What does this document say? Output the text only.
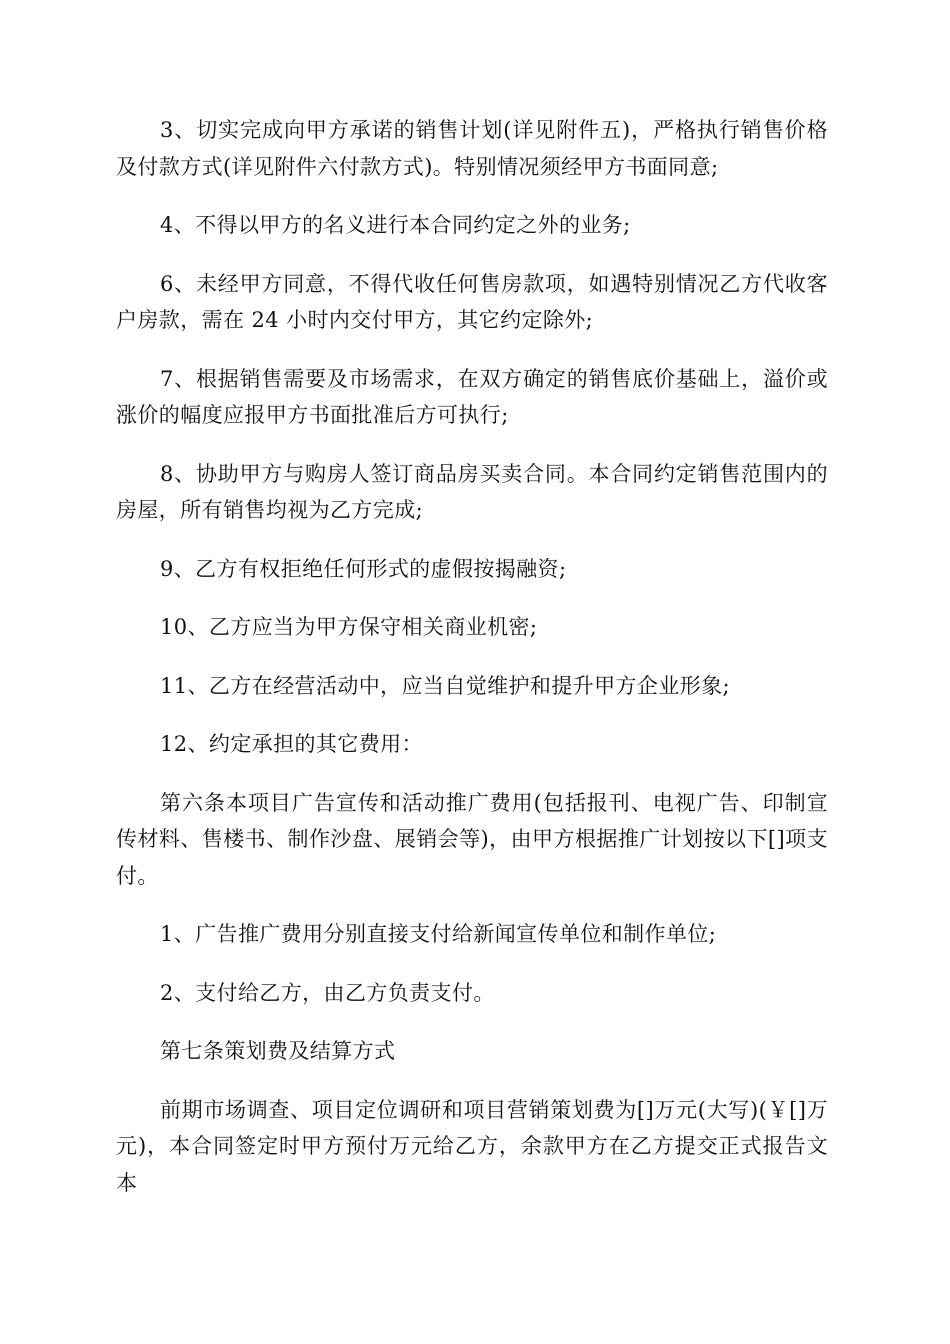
3、切实完成向甲方承诺的销售计划(详见附件五)，严格执行销售价格及付款方式(详见附件六付款方式)。特别情况须经甲方书面同意;

4、不得以甲方的名义进行本合同约定之外的业务;

6、未经甲方同意，不得代收任何售房款项，如遇特别情况乙方代收客户房款，需在 24 小时内交付甲方，其它约定除外;

7、根据销售需要及市场需求，在双方确定的销售底价基础上，溢价或涨价的幅度应报甲方书面批准后方可执行;

8、协助甲方与购房人签订商品房买卖合同。本合同约定销售范围内的房屋，所有销售均视为乙方完成;

9、乙方有权拒绝任何形式的虚假按揭融资;

10、乙方应当为甲方保守相关商业机密;

11、乙方在经营活动中，应当自觉维护和提升甲方企业形象;

12、约定承担的其它费用：

第六条本项目广告宣传和活动推广费用(包括报刊、电视广告、印制宣传材料、售楼书、制作沙盘、展销会等)，由甲方根据推广计划按以下[]项支付。

1、广告推广费用分别直接支付给新闻宣传单位和制作单位;

2、支付给乙方，由乙方负责支付。

第七条策划费及结算方式

前期市场调查、项目定位调研和项目营销策划费为[]万元(大写)(￥[]万元)，本合同签定时甲方预付万元给乙方，余款甲方在乙方提交正式报告文本
